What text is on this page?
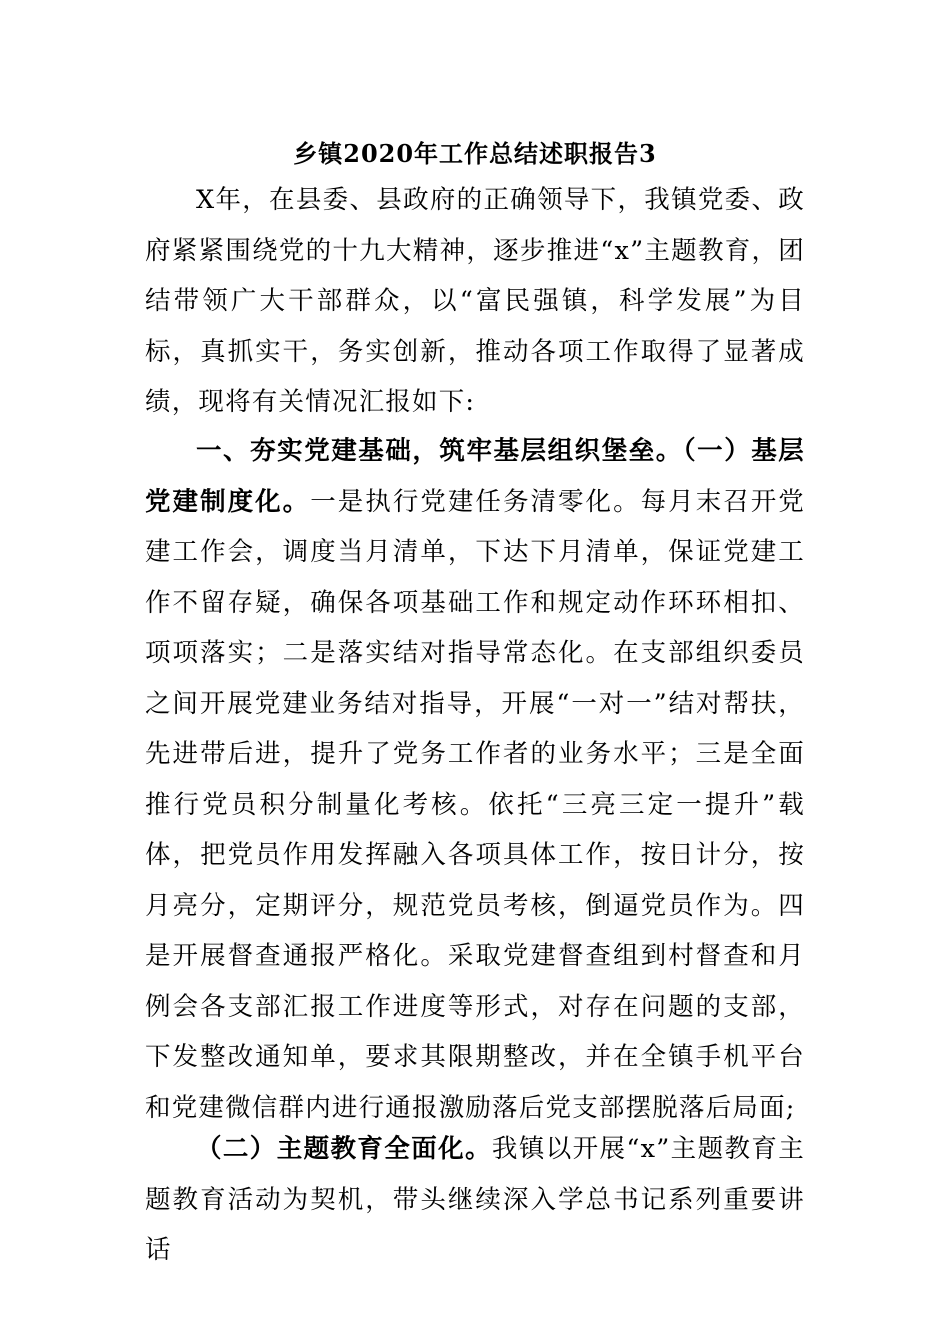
乡镇2020年工作总结述职报告3

X年，在县委、县政府的正确领导下，我镇党委、政府紧紧围绕党的十九大精神，逐步推进“x”主题教育，团结带领广大干部群众，以“富民强镇，科学发展”为目标，真抓实干，务实创新，推动各项工作取得了显著成绩，现将有关情况汇报如下:

一、夯实党建基础，筑牢基层组织堡垒。（一）基层党建制度化。一是执行党建任务清零化。每月末召开党建工作会，调度当月清单，下达下月清单，保证党建工作不留存疑，确保各项基础工作和规定动作环环相扣、项项落实；二是落实结对指导常态化。在支部组织委员之间开展党建业务结对指导，开展“一对一”结对帮扶，先进带后进，提升了党务工作者的业务水平；三是全面推行党员积分制量化考核。依托“三亮三定一提升”载体，把党员作用发挥融入各项具体工作，按日计分，按月亮分，定期评分，规范党员考核，倒逼党员作为。四是开展督查通报严格化。采取党建督查组到村督查和月例会各支部汇报工作进度等形式，对存在问题的支部，下发整改通知单，要求其限期整改，并在全镇手机平台和党建微信群内进行通报激励落后党支部摆脱落后局面;

（二）主题教育全面化。我镇以开展“x”主题教育主题教育活动为契机，带头继续深入学总书记系列重要讲话
